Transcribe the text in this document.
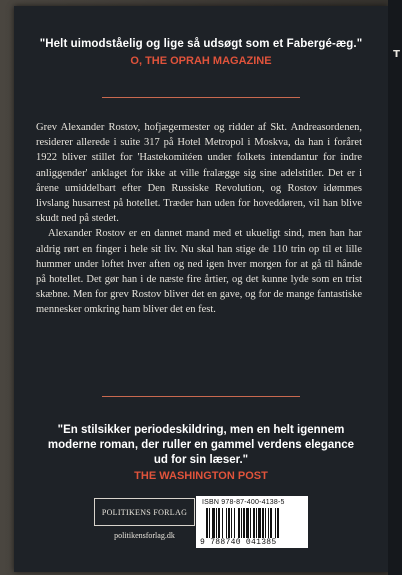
T
"Helt uimodståelig og lige så udsøgt som et Fabergé-æg."
O, THE OPRAH MAGAZINE

Grev Alexander Rostov, hofjægermester og ridder af Skt. Andreasordenen, residerer allerede i suite 317 på Hotel Metropol i Moskva, da han i foråret 1922 bliver stillet for 'Hastekomitéen under folkets intendantur for indre anliggender' anklaget for ikke at ville fralægge sig sine adelstitler. Det er i årene umiddelbart efter Den Russiske Revolution, og Rostov idømmes livslang husarrest på hotellet. Træder han uden for hoveddøren, vil han blive skudt ned på stedet.

Alexander Rostov er en dannet mand med et ukueligt sind, men han har aldrig rørt en finger i hele sit liv. Nu skal han stige de 110 trin op til et lille hummer under loftet hver aften og ned igen hver morgen for at gå til hånde på hotellet. Det gør han i de næste fire årtier, og det kunne lyde som en trist skæbne. Men for grev Rostov bliver det en gave, og for de mange fantastiske mennesker omkring ham bliver det en fest.

"En stilsikker periodeskildring, men en helt igennem moderne roman, der ruller en gammel verdens elegance ud for sin læser."
THE WASHINGTON POST
POLITIKENS FORLAG
politikensforlag.dk
ISBN 978-87-400-4138-5
9 788740 041385
